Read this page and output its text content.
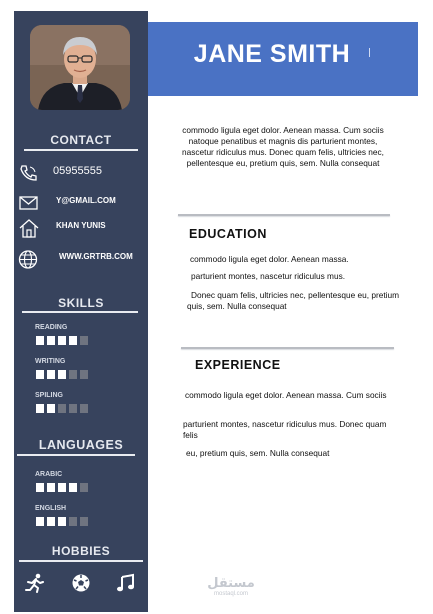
CONTACT
05955555
Y@GMAIL.COM
KHAN YUNIS
WWW.GRTRB.COM
SKILLS
READING
WRITING
SPILING
LANGUAGES
ARABIC
ENGLISH
HOBBIES
JANE SMITH
commodo ligula eget dolor. Aenean massa. Cum sociis natoque penatibus et magnis dis parturient montes, nascetur ridiculus mus. Donec quam felis, ultricies nec, pellentesque eu, pretium quis, sem. Nulla consequat
EDUCATION
commodo ligula eget dolor. Aenean massa.
parturient montes, nascetur ridiculus mus.
Donec quam felis, ultricies nec, pellentesque eu, pretium quis, sem. Nulla consequat
EXPERIENCE
commodo ligula eget dolor. Aenean massa. Cum sociis
parturient montes, nascetur ridiculus mus. Donec quam felis
eu, pretium quis, sem. Nulla consequat
مستقل
mostaql.com
